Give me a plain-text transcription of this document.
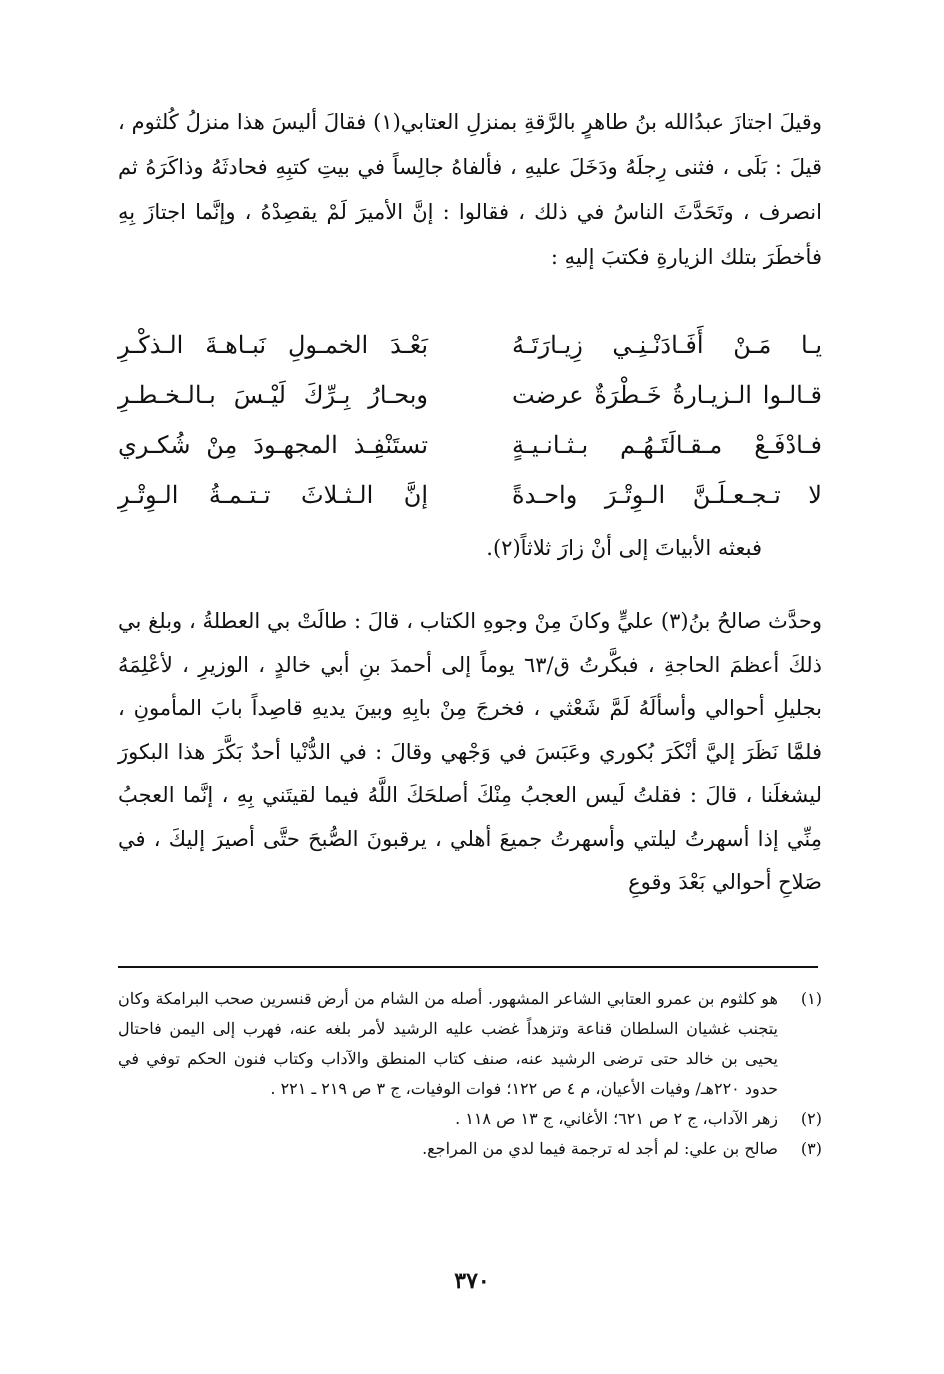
وقيلَ اجتازَ عبدُالله بنُ طاهرٍ بالرَّقةِ بمنزلِ العتابي(١) فقالَ أليسَ هذا منزلُ كُلثوم ، قيلَ : بَلَى ، فثنى رِجلَهُ ودَخَلَ عليهِ ، فألفاهُ جالِساً في بيتِ كتبِهِ فحادثَهُ وذاكَرَهُ ثم انصرف ، وتَحَدَّثَ الناسُ في ذلك ، فقالوا : إنَّ الأميرَ لَمْ يقصِدْهُ ، وإنَّما اجتازَ بِهِ فأخطَرَ بتلك الزيارةِ فكتبَ إليهِ :

يـا مَـنْ أَفَـادَنْـنِـي زِيـارَتَـهُ
بَعْـدَ الخمـولِ نَبـاهـةَ الـذكْـرِ
قـالـوا الـزيـارةُ خَـطْرَةٌ عرضت
وبحـارُ بِـرِّكَ لَيْـسَ بـالـخـطـرِ
فـادْفَـعْ مـقـالَتَـهُـم بـثـانـيـةٍ
تستَنْفِـذ المجهـودَ مِنْ شُكـري
لا تـجـعـلَـنَّ الـوِتْـرَ واحـدةً
إنَّ الـثـلاثَ تـتـمـةُ الـوِتْـرِ
فبعثه الأبياتَ إلى أنْ زارَ ثلاثاً(٢).

وحدَّث صالحُ بنُ(٣) عليٍّ وكانَ مِنْ وجوهِ الكتاب ، قالَ : طالَتْ بي العطلةُ ، وبلغ بي ذلكَ أعظمَ الحاجةِ ، فبكَّرتُ ق/٦٣ يوماً إلى أحمدَ بنِ أبي خالدٍ ، الوزيرِ ، لأعْلِمَهُ بجليلِ أحوالي وأسألَهُ لَمَّ شَعْثي ، فخرجَ مِنْ بابِهِ وبينَ يديهِ قاصِداً بابَ المأمونِ ، فلمَّا نَظَرَ إليَّ أنْكَرَ بُكوري وعَبَسَ في وَجْهي وقالَ : في الدُّنْيا أحدٌ بَكَّرَ هذا البكورَ ليشغلَنا ، قالَ : فقلتُ لَيس العجبُ مِنْكَ أصلحَكَ اللَّهُ فيما لقيتَني بِهِ ، إنَّما العجبُ مِنِّي إذا أسهرتُ ليلتي وأسهرتُ جميعَ أهلي ، يرقبونَ الصُّبحَ حتَّى أصيرَ إليكَ ، في صَلاحِ أحوالي بَعْدَ وقوعِ

(١)
هو كلثوم بن عمرو العتابي الشاعر المشهور. أصله من الشام من أرض قنسرين صحب البرامكة وكان يتجنب غشيان السلطان قناعة وتزهداً غضب عليه الرشيد لأمر بلغه عنه، فهرب إلى اليمن فاحتال يحيى بن خالد حتى ترضى الرشيد عنه، صنف كتاب المنطق والآداب وكتاب فنون الحكم توفي في حدود ٢٢٠هـ/ وفيات الأعيان، م ٤ ص ١٢٢؛ فوات الوفيات، ج ٣ ص ٢١٩ ـ ٢٢١ .
(٢)
زهر الآداب، ج ٢ ص ٦٢١؛ الأغاني، ج ١٣ ص ١١٨ .
(٣)
صالح بن علي: لم أجد له ترجمة فيما لدي من المراجع.
٣٧٠
